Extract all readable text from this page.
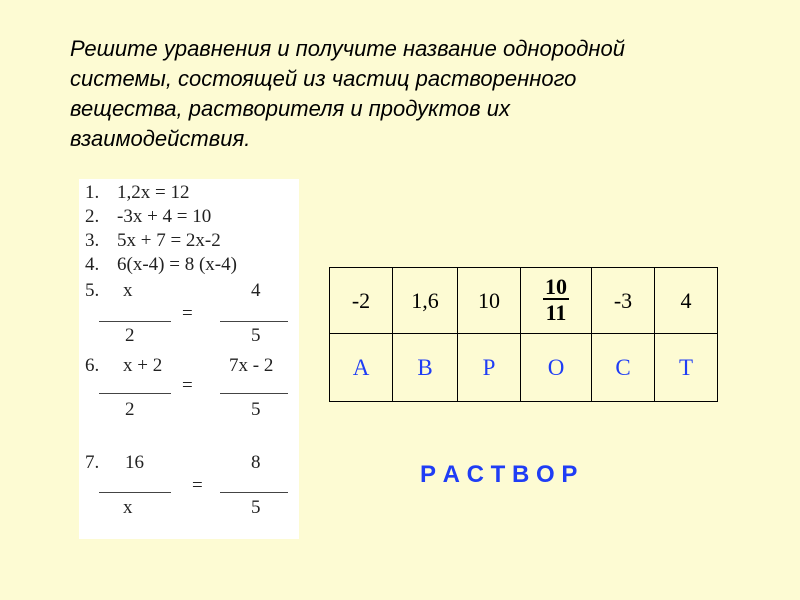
Решите уравнения и получите название однородной
системы, состоящей из частиц растворенного
вещества, растворителя и продуктов их
взаимодействия.
1. 1,2x = 12
2. -3x + 4 = 10
3. 5x + 7 = 2x-2
4. 6(x-4) = 8 (x-4)
5. x
2
=
4
5
6. x + 2
2
=
7x - 2
5
7. 16
x
=
8
5
-2	1,6	10	$\frac{10}{11}$	-3	4
А	В	Р	О	С	Т
Р А С Т В О Р
